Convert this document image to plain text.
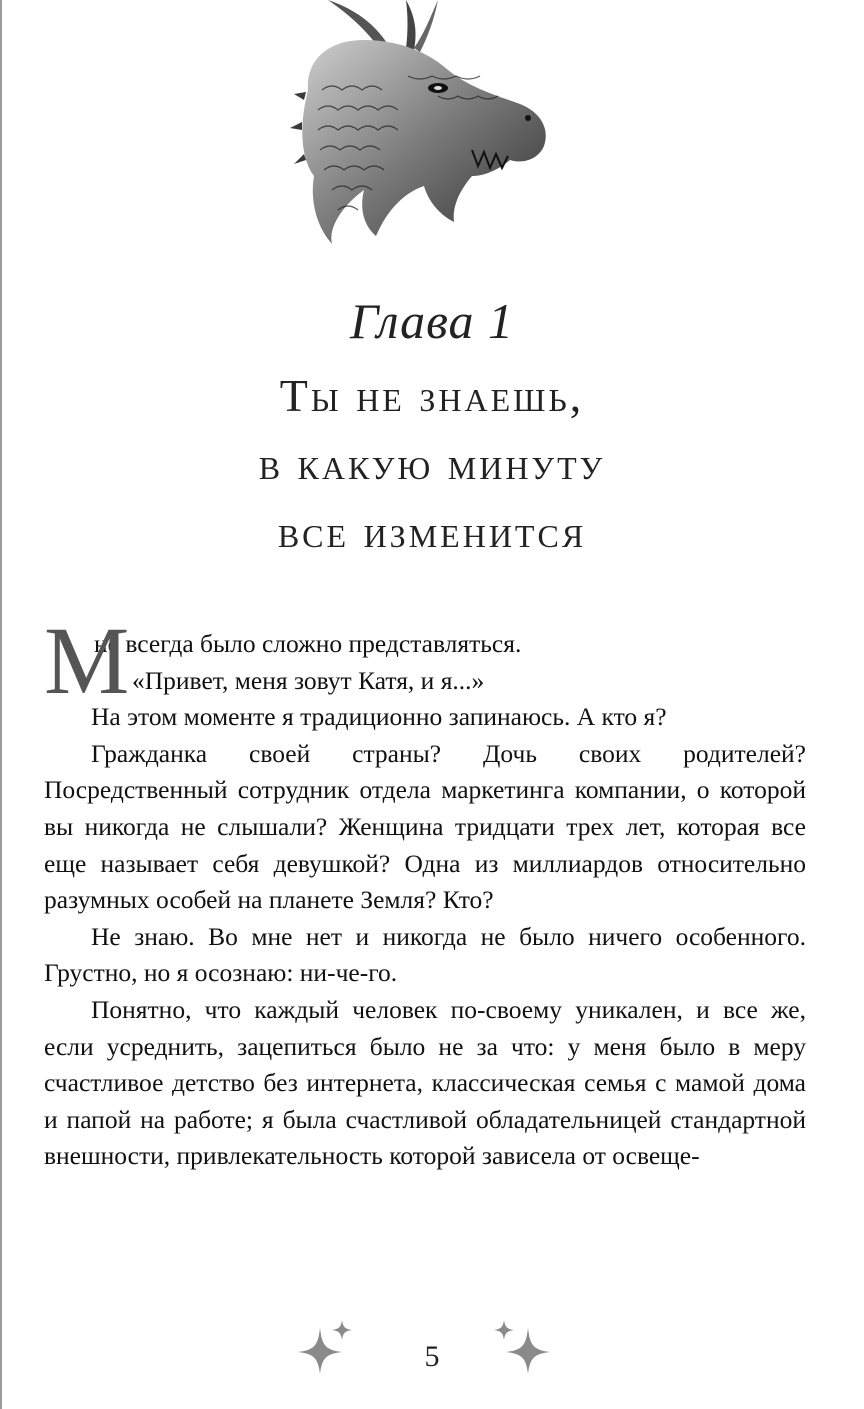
Глава 1
Ты не знаешь,
в какую минуту
все изменится
М

не всегда было сложно представляться.

«Привет, меня зовут Катя, и я...»

На этом моменте я традиционно запинаюсь. А кто я?

Гражданка своей страны? Дочь своих родителей? Посредственный сотрудник отдела маркетинга компании, о которой вы никогда не слышали? Женщина тридцати трех лет, которая все еще называет себя девушкой? Одна из миллиардов относительно разумных особей на планете Земля? Кто?

Не знаю. Во мне нет и никогда не было ничего особенного. Грустно, но я осознаю: ни-че-го.

Понятно, что каждый человек по-своему уникален, и все же, если усреднить, зацепиться было не за что: у меня было в меру счастливое детство без интернета, классическая семья с мамой дома и папой на работе; я была счастливой обладательницей стандартной внешности, привлекательность которой зависела от освеще-

5
